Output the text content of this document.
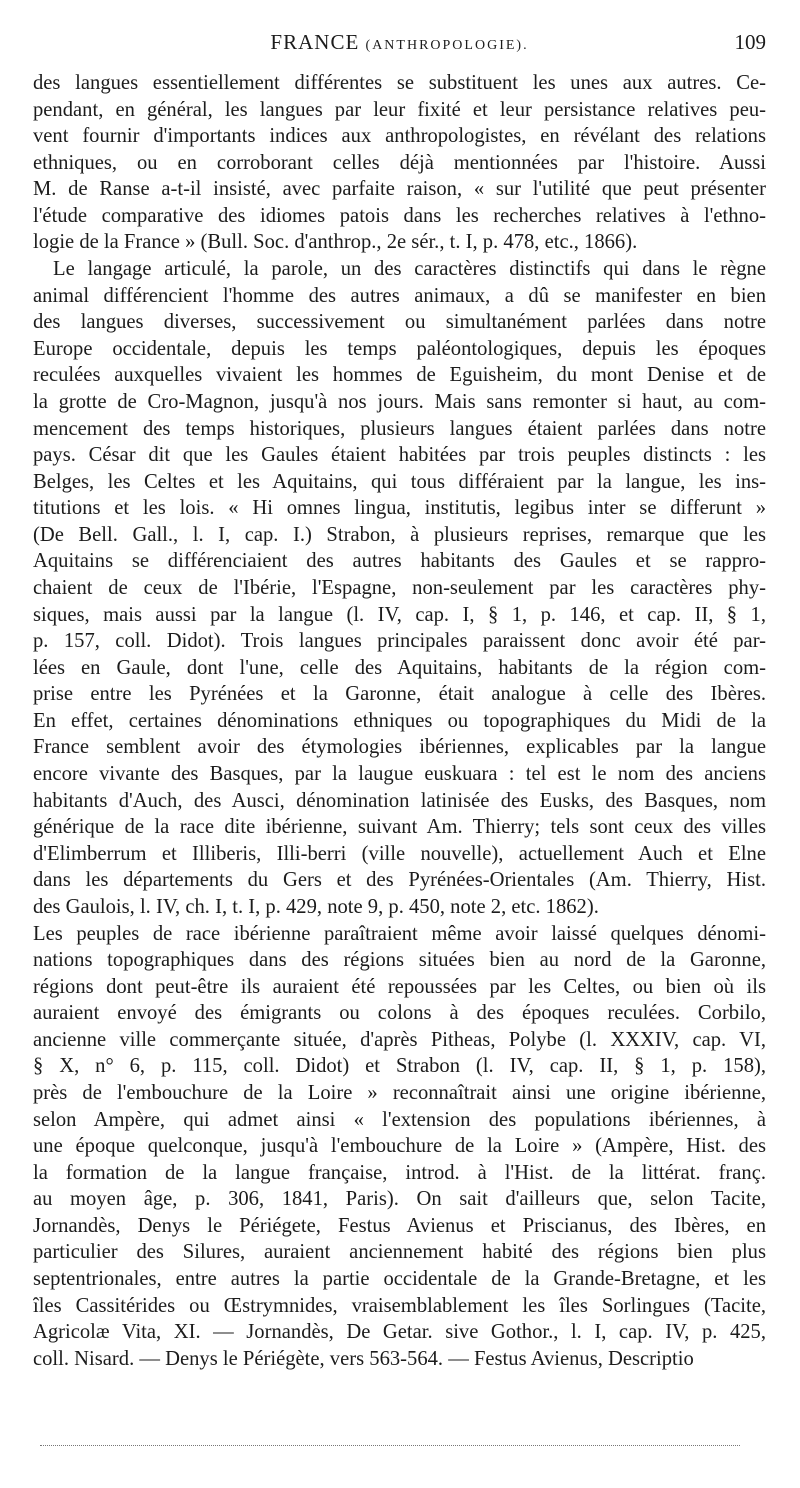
FRANCE (ANTHROPOLOGIE).	109
des langues essentiellement différentes se substituent les unes aux autres. Ce-
pendant, en général, les langues par leur fixité et leur persistance relatives peu-
vent fournir d'importants indices aux anthropologistes, en révélant des relations
ethniques, ou en corroborant celles déjà mentionnées par l'histoire. Aussi
M. de Ranse a-t-il insisté, avec parfaite raison, « sur l'utilité que peut présenter
l'étude comparative des idiomes patois dans les recherches relatives à l'ethno-
logie de la France » (Bull. Soc. d'anthrop., 2e sér., t. I, p. 478, etc., 1866).
Le langage articulé, la parole, un des caractères distinctifs qui dans le règne
animal différencient l'homme des autres animaux, a dû se manifester en bien
des langues diverses, successivement ou simultanément parlées dans notre
Europe occidentale, depuis les temps paléontologiques, depuis les époques
reculées auxquelles vivaient les hommes de Eguisheim, du mont Denise et de
la grotte de Cro-Magnon, jusqu'à nos jours. Mais sans remonter si haut, au com-
mencement des temps historiques, plusieurs langues étaient parlées dans notre
pays. César dit que les Gaules étaient habitées par trois peuples distincts : les
Belges, les Celtes et les Aquitains, qui tous différaient par la langue, les ins-
titutions et les lois. « Hi omnes lingua, institutis, legibus inter se differunt »
(De Bell. Gall., l. I, cap. I.) Strabon, à plusieurs reprises, remarque que les
Aquitains se différenciaient des autres habitants des Gaules et se rappro-
chaient de ceux de l'Ibérie, l'Espagne, non-seulement par les caractères phy-
siques, mais aussi par la langue (l. IV, cap. I, § 1, p. 146, et cap. II, § 1,
p. 157, coll. Didot). Trois langues principales paraissent donc avoir été par-
lées en Gaule, dont l'une, celle des Aquitains, habitants de la région com-
prise entre les Pyrénées et la Garonne, était analogue à celle des Ibères.
En effet, certaines dénominations ethniques ou topographiques du Midi de la
France semblent avoir des étymologies ibériennes, explicables par la langue
encore vivante des Basques, par la laugue euskuara : tel est le nom des anciens
habitants d'Auch, des Ausci, dénomination latinisée des Eusks, des Basques, nom
générique de la race dite ibérienne, suivant Am. Thierry; tels sont ceux des villes
d'Elimberrum et Illiberis, Illi-berri (ville nouvelle), actuellement Auch et Elne
dans les départements du Gers et des Pyrénées-Orientales (Am. Thierry, Hist.
des Gaulois, l. IV, ch. I, t. I, p. 429, note 9, p. 450, note 2, etc. 1862).
Les peuples de race ibérienne paraîtraient même avoir laissé quelques dénomi-
nations topographiques dans des régions situées bien au nord de la Garonne,
régions dont peut-être ils auraient été repoussées par les Celtes, ou bien où ils
auraient envoyé des émigrants ou colons à des époques reculées. Corbilo,
ancienne ville commerçante située, d'après Pitheas, Polybe (l. XXXIV, cap. VI,
§ X, n° 6, p. 115, coll. Didot) et Strabon (l. IV, cap. II, § 1, p. 158),
près de l'embouchure de la Loire » reconnaîtrait ainsi une origine ibérienne,
selon Ampère, qui admet ainsi « l'extension des populations ibériennes, à
une époque quelconque, jusqu'à l'embouchure de la Loire » (Ampère, Hist. des
la formation de la langue française, introd. à l'Hist. de la littérat. franç.
au moyen âge, p. 306, 1841, Paris). On sait d'ailleurs que, selon Tacite,
Jornandès, Denys le Périégete, Festus Avienus et Priscianus, des Ibères, en
particulier des Silures, auraient anciennement habité des régions bien plus
septentrionales, entre autres la partie occidentale de la Grande-Bretagne, et les
îles Cassitérides ou Œstrymnides, vraisemblablement les îles Sorlingues (Tacite,
Agricolæ Vita, XI. — Jornandès, De Getar. sive Gothor., l. I, cap. IV, p. 425,
coll. Nisard. — Denys le Périégète, vers 563-564. — Festus Avienus, Descriptio
